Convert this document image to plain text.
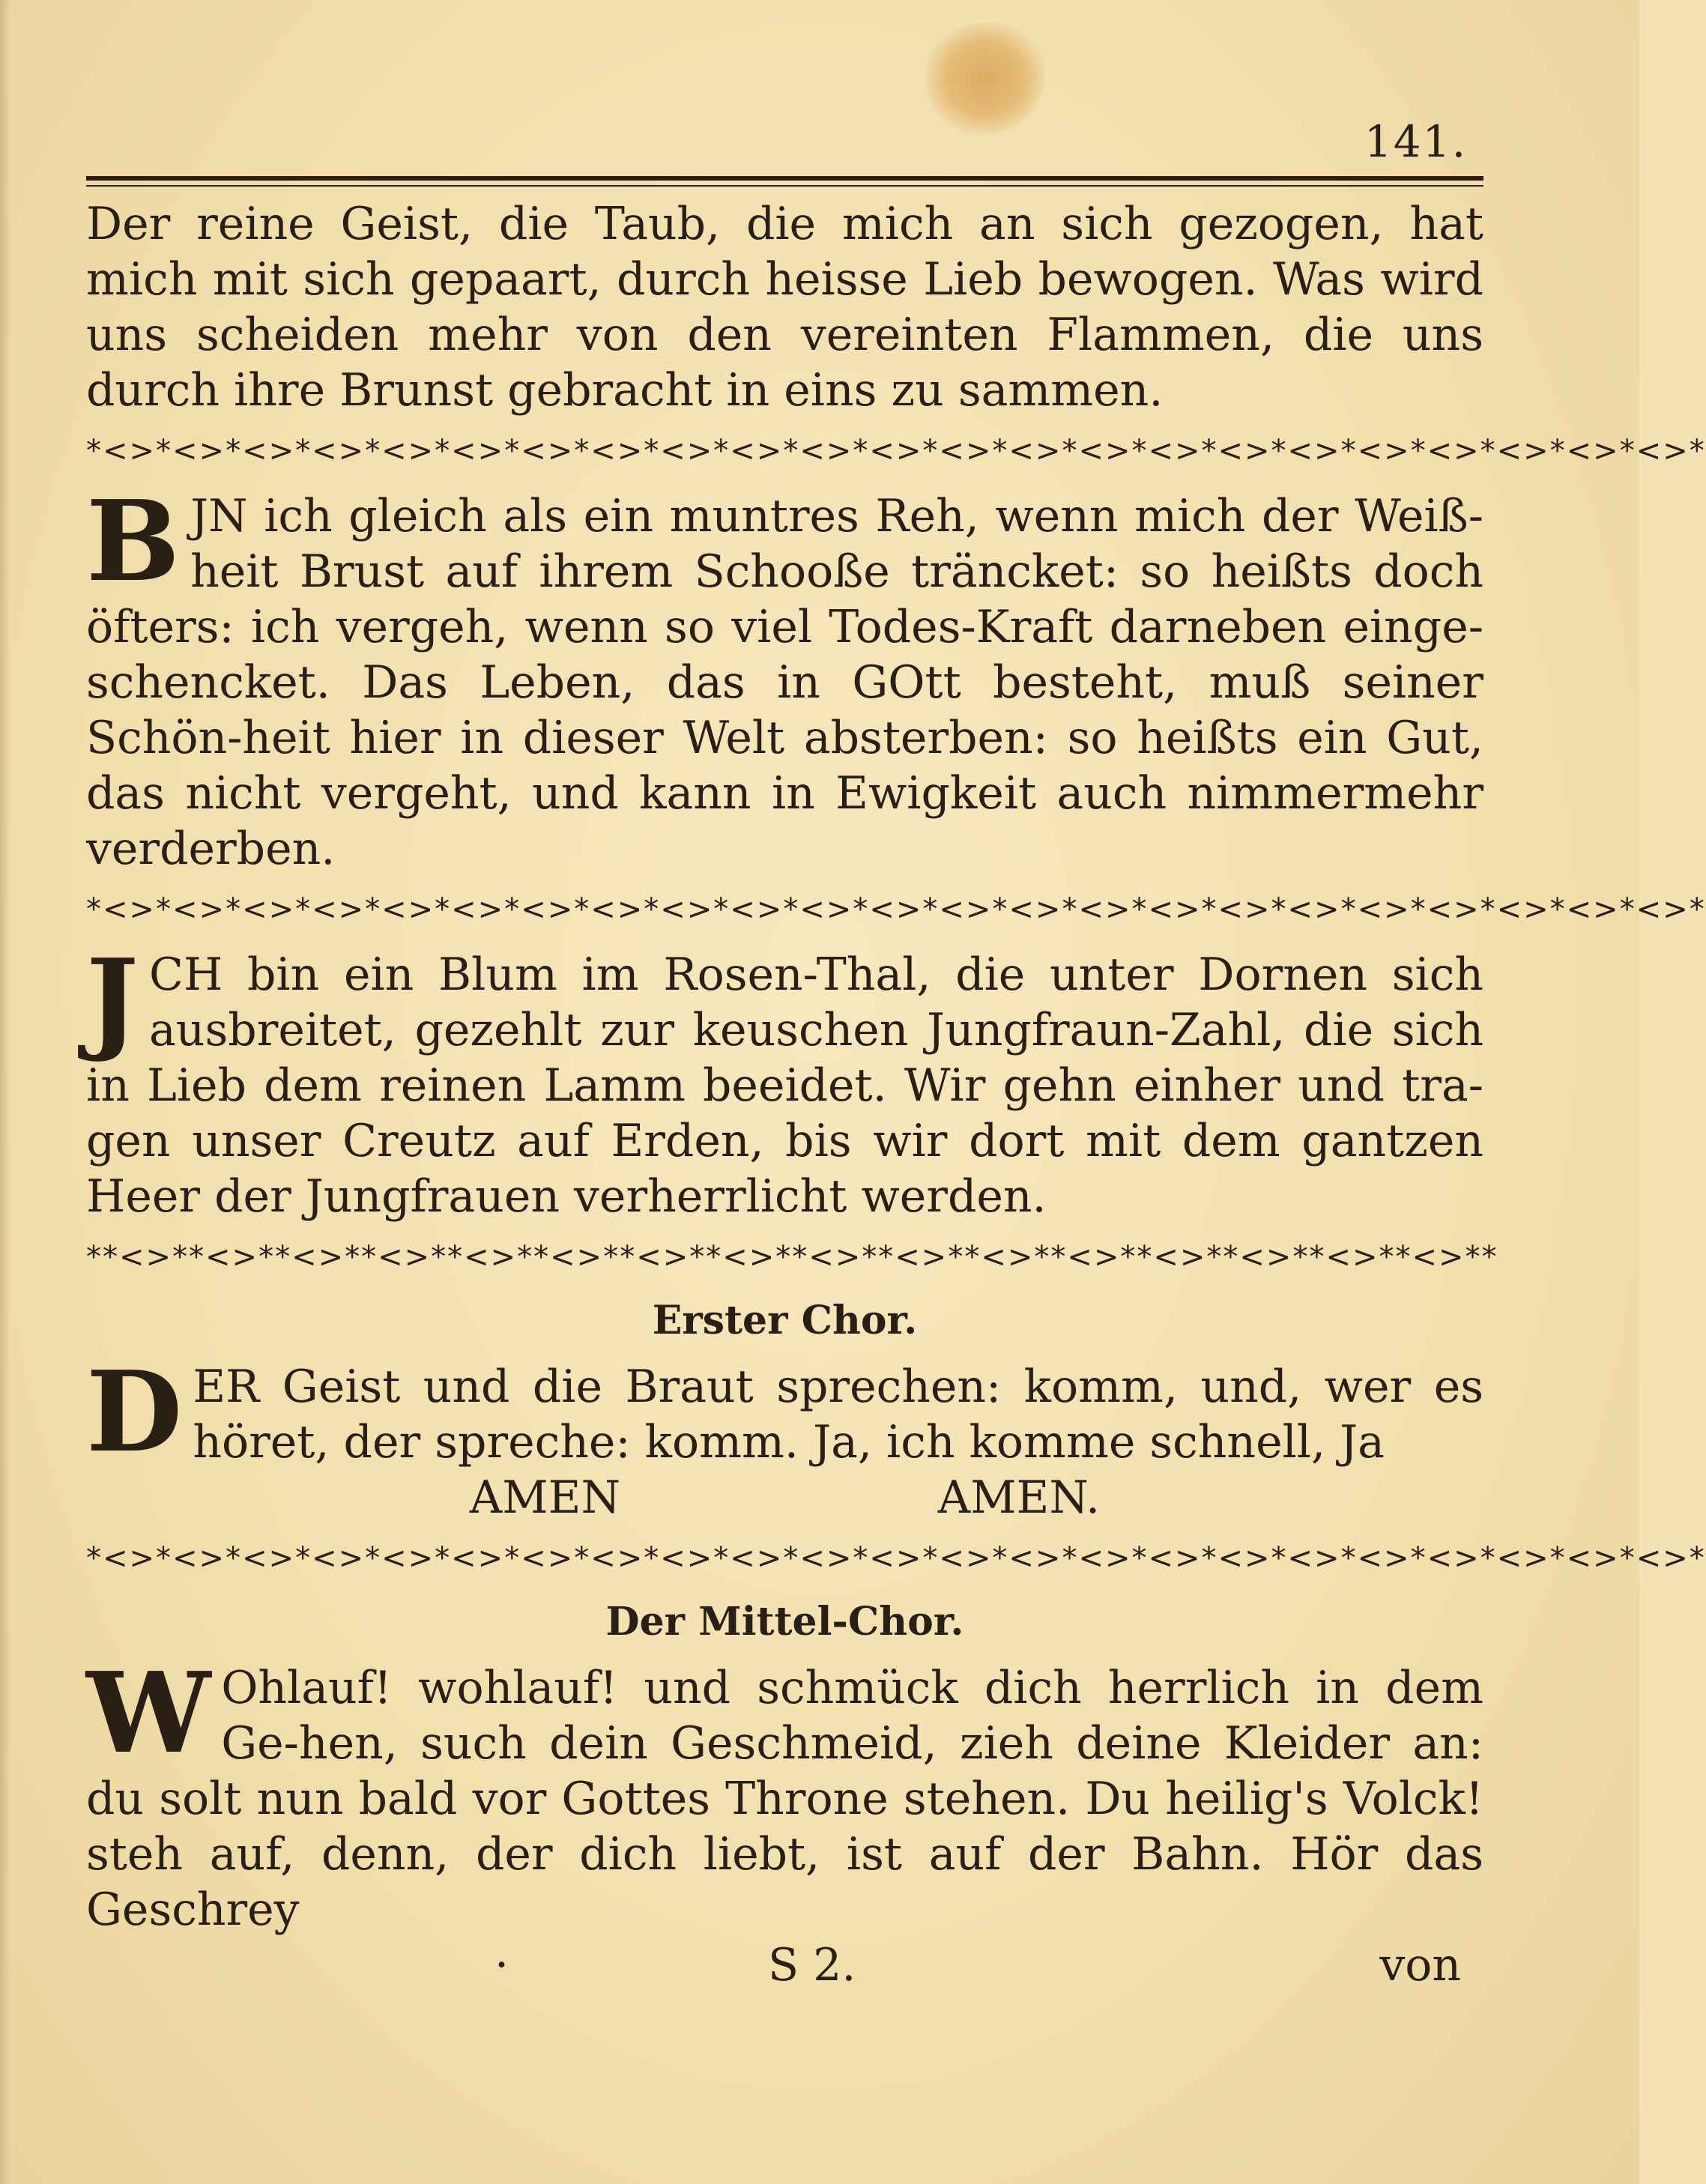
141.

Der reine Geist, die Taub, die mich an sich gezogen, hat mich mit sich gepaart, durch heisse Lieb bewogen. Was wird uns scheiden mehr von den vereinten Flammen, die uns durch ihre Brunst gebracht in eins zu sammen.

*<>*<>*<>*<>*<>*<>*<>*<>*<>*<>*<>*<>*<>*<>*<>*<>*<>*<>*<>*<>*<>*<>*<>*

B JN ich gleich als ein muntres Reh, wenn mich der Weiß-heit Brust auf ihrem Schooße träncket: so heißts doch öfters: ich vergeh, wenn so viel Todes-Kraft darneben einge-schencket. Das Leben, das in GOtt besteht, muß seiner Schön-heit hier in dieser Welt absterben: so heißts ein Gut, das nicht vergeht, und kann in Ewigkeit auch nimmermehr verderben.

*<>*<>*<>*<>*<>*<>*<>*<>*<>*<>*<>*<>*<>*<>*<>*<>*<>*<>*<>*<>*<>*<>*<>*

J CH bin ein Blum im Rosen-Thal, die unter Dornen sich ausbreitet, gezehlt zur keuschen Jungfraun-Zahl, die sich in Lieb dem reinen Lamm beeidet. Wir gehn einher und tra-gen unser Creutz auf Erden, bis wir dort mit dem gantzen Heer der Jungfrauen verherrlicht werden.

**<>**<>**<>**<>**<>**<>**<>**<>**<>**<>**<>**<>**<>**<>**<>**<>**
Erster Chor.

D ER Geist und die Braut sprechen: komm, und, wer es höret, der spreche: komm. Ja, ich komme schnell, Ja

AMEN	AMEN.
*<>*<>*<>*<>*<>*<>*<>*<>*<>*<>*<>*<>*<>*<>*<>*<>*<>*<>*<>*<>*<>*<>*<>*
Der Mittel-Chor.

W Ohlauf! wohlauf! und schmück dich herrlich in dem Ge-hen, such dein Geschmeid, zieh deine Kleider an: du solt nun bald vor Gottes Throne stehen. Du heilig's Volck! steh auf, denn, der dich liebt, ist auf der Bahn. Hör das Geschrey

·	S 2.	von
